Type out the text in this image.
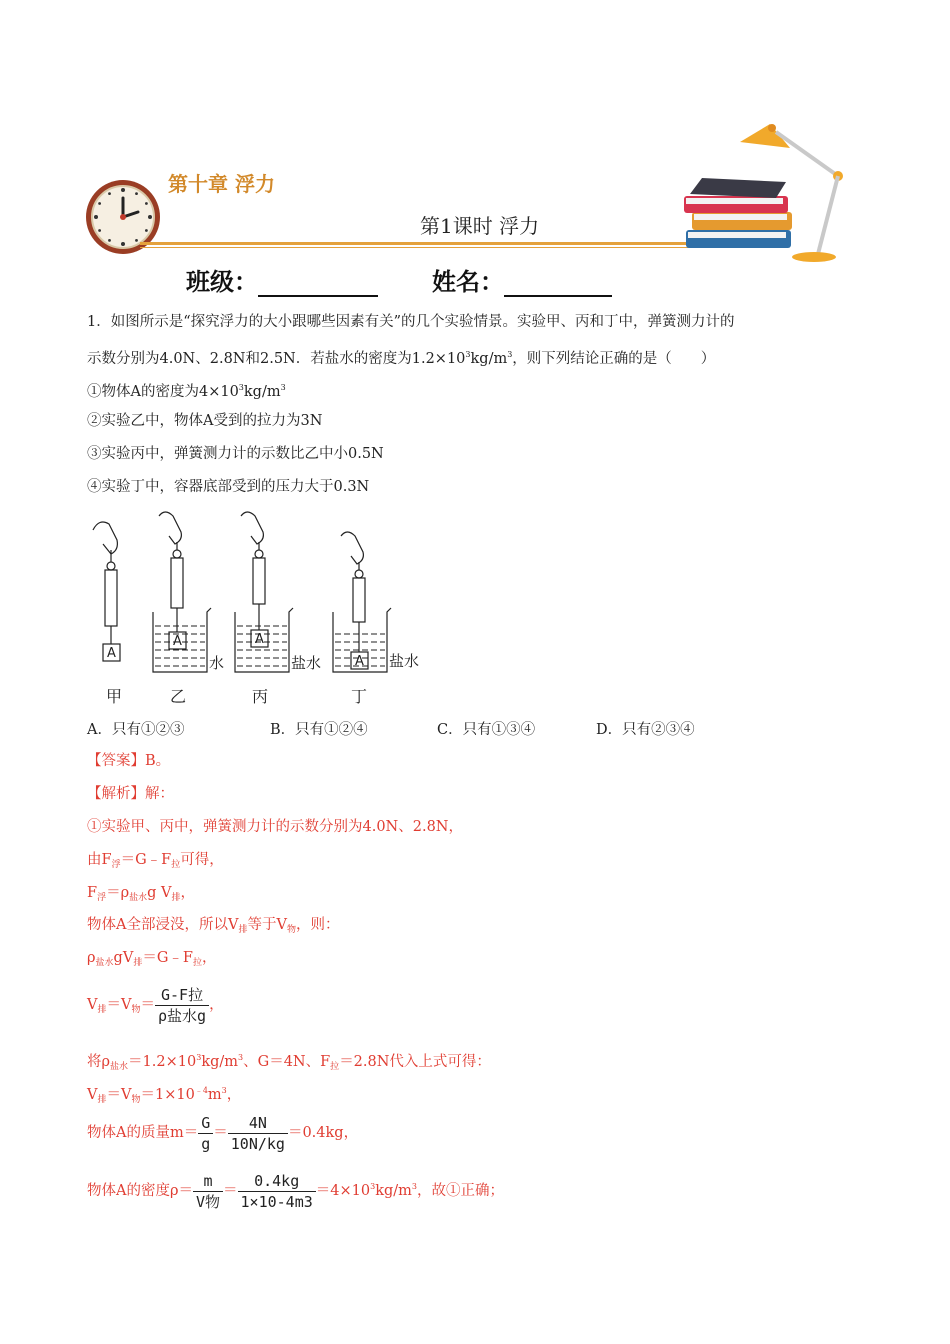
第十章 浮力
第1课时 浮力
班级：	姓名：
1．如图所示是“探究浮力的大小跟哪些因素有关”的几个实验情景。实验甲、丙和丁中，弹簧测力计的
示数分别为4.0N、2.8N和2.5N．若盐水的密度为$1.2\times 10^3kg/m^3$，则下列结论正确的是（　　）
①物体A的密度为$4\times 10^3kg/m^3$
②实验乙中，物体A受到的拉力为3N
③实验丙中，弹簧测力计的示数比乙中小0.5N
④实验丁中，容器底部受到的压力大于0.3N
A
A	A
A
水	盐水	盐水
甲	乙	丙	丁
A．只有①②③	B．只有①②④	C．只有①③④	D．只有②③④
【答案】B。
【解析】解：
①实验甲、丙中，弹簧测力计的示数分别为4.0N、2.8N，
由$F_浮=G﹣F_拉$可得，
$F_浮=\rho_{盐水}g$ $V_排$，
物体A全部浸没，所以$V_排$等于$V_物$，则：
$\rho_{盐水}gV_排=G﹣F_拉$，
$V_排=V_物= \frac{\text{G-F拉}}{\text{ρ盐水g}}$ ，
将$\rho_{盐水}=1.2\times 10^3kg/m^3$、G＝4N、$F_拉=2.8N$代入上式可得：
$V_排=V_物=1\times 10^{﹣4}m^3$，
物体A的质量$m= \frac{G}{g} = \frac{4N}{10N/kg} =0.4kg$，
物体A的密度$\rho= \frac{m}{\text{V物}} = \frac{0.4kg}{1\times 10-4m3} =4\times 10^3kg/m^3$，故①正确；
